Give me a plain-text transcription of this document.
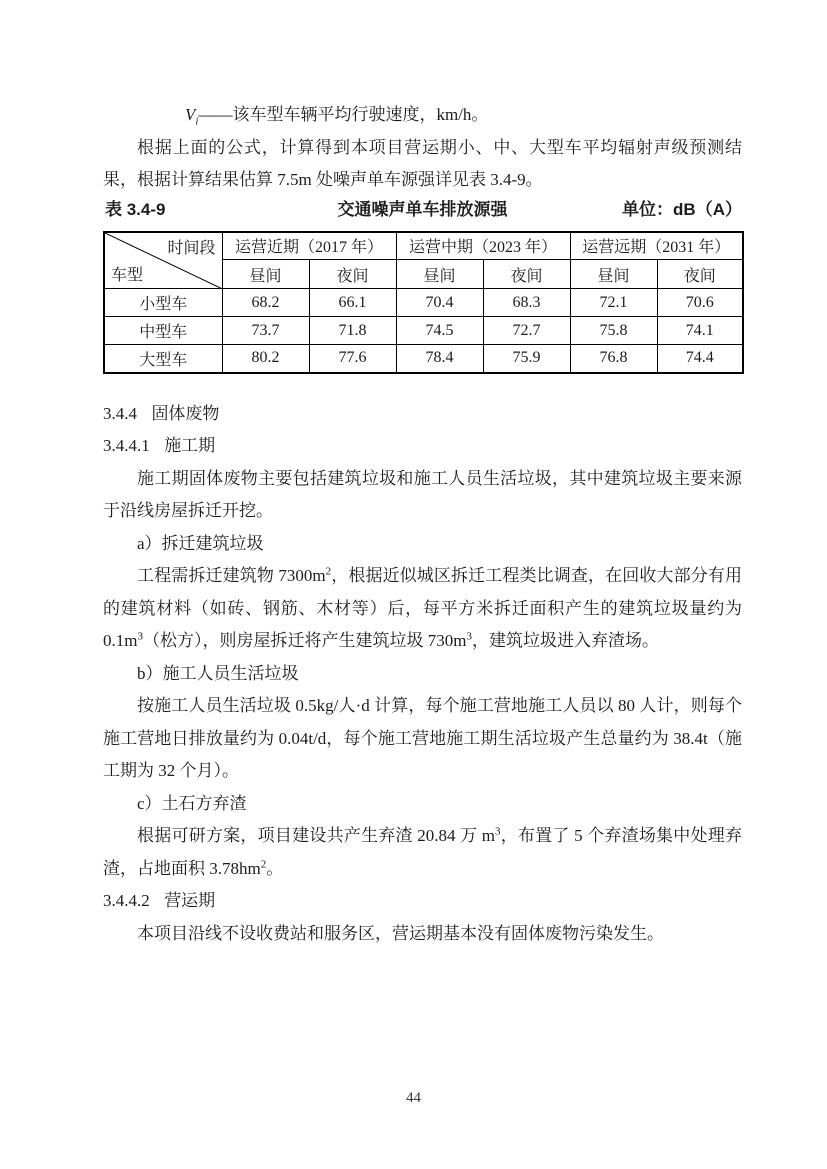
$V_i——$该车型车辆平均行驶速度，km/h。

根据上面的公式，计算得到本项目营运期小、中、大型车平均辐射声级预测结果，根据计算结果估算 7.5m 处噪声单车源强详见表 3.4-9。

表 3.4-9	交通噪声单车排放源强	单位：dB（A）
时间段
车型	运营近期（2017 年）		运营中期（2023 年）		运营远期（2031 年）	
	昼间	夜间	昼间	夜间	昼间	夜间
小型车	68.2	66.1	70.4	68.3	72.1	70.6
中型车	73.7	71.8	74.5	72.7	75.8	74.1
大型车	80.2	77.6	78.4	75.9	76.8	74.4
3.4.4 固体废物
3.4.4.1 施工期

施工期固体废物主要包括建筑垃圾和施工人员生活垃圾，其中建筑垃圾主要来源于沿线房屋拆迁开挖。

a）拆迁建筑垃圾

工程需拆迁建筑物 $7300m^2$，根据近似城区拆迁工程类比调查，在回收大部分有用的建筑材料（如砖、钢筋、木材等）后，每平方米拆迁面积产生的建筑垃圾量约为 $0.1m^3$（松方），则房屋拆迁将产生建筑垃圾 $730m^3$，建筑垃圾进入弃渣场。

b）施工人员生活垃圾

按施工人员生活垃圾 0.5kg/人·d 计算，每个施工营地施工人员以 80 人计，则每个施工营地日排放量约为 0.04t/d，每个施工营地施工期生活垃圾产生总量约为 38.4t（施工期为 32 个月）。

c）土石方弃渣

根据可研方案，项目建设共产生弃渣 20.84 万 $m^3$，布置了 5 个弃渣场集中处理弃渣，占地面积 $3.78hm^2$。

3.4.4.2 营运期

本项目沿线不设收费站和服务区，营运期基本没有固体废物污染发生。

44
